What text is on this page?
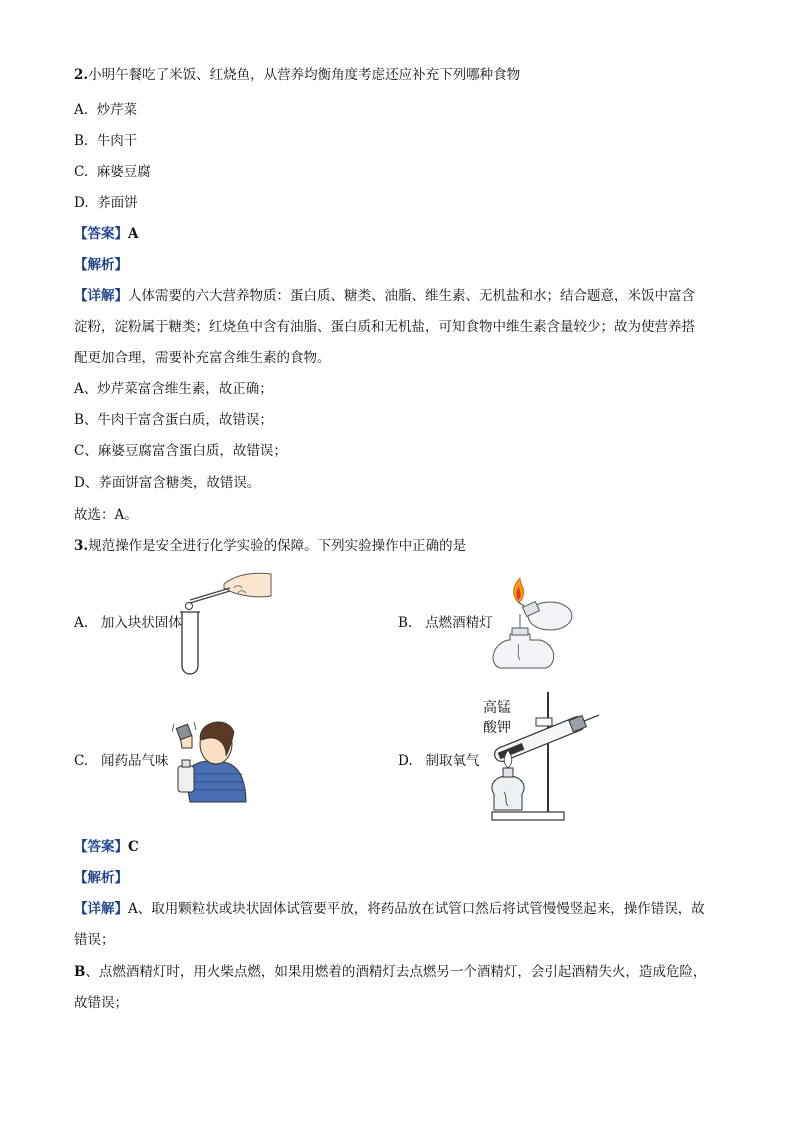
2.小明午餐吃了米饭、红烧鱼，从营养均衡角度考虑还应补充下列哪种食物
A. 炒芹菜
B. 牛肉干
C. 麻婆豆腐
D. 荞面饼
【答案】A
【解析】
【详解】人体需要的六大营养物质：蛋白质、糖类、油脂、维生素、无机盐和水；结合题意，米饭中富含
淀粉，淀粉属于糖类；红烧鱼中含有油脂、蛋白质和无机盐，可知食物中维生素含量较少；故为使营养搭
配更加合理，需要补充富含维生素的食物。
A、炒芹菜富含维生素，故正确；
B、牛肉干富含蛋白质，故错误；
C、麻婆豆腐富含蛋白质，故错误；
D、荞面饼富含糖类，故错误。
故选：A。
3.规范操作是安全进行化学实验的保障。下列实验操作中正确的是
A. 加入块状固体	B. 点燃酒精灯
C. 闻药品气味	D. 制取氧气
高锰
酸钾
【答案】C
【解析】
【详解】A、取用颗粒状或块状固体试管要平放，将药品放在试管口然后将试管慢慢竖起来，操作错误，故
错误；
B、点燃酒精灯时，用火柴点燃，如果用燃着的酒精灯去点燃另一个酒精灯，会引起酒精失火，造成危险，
故错误；
